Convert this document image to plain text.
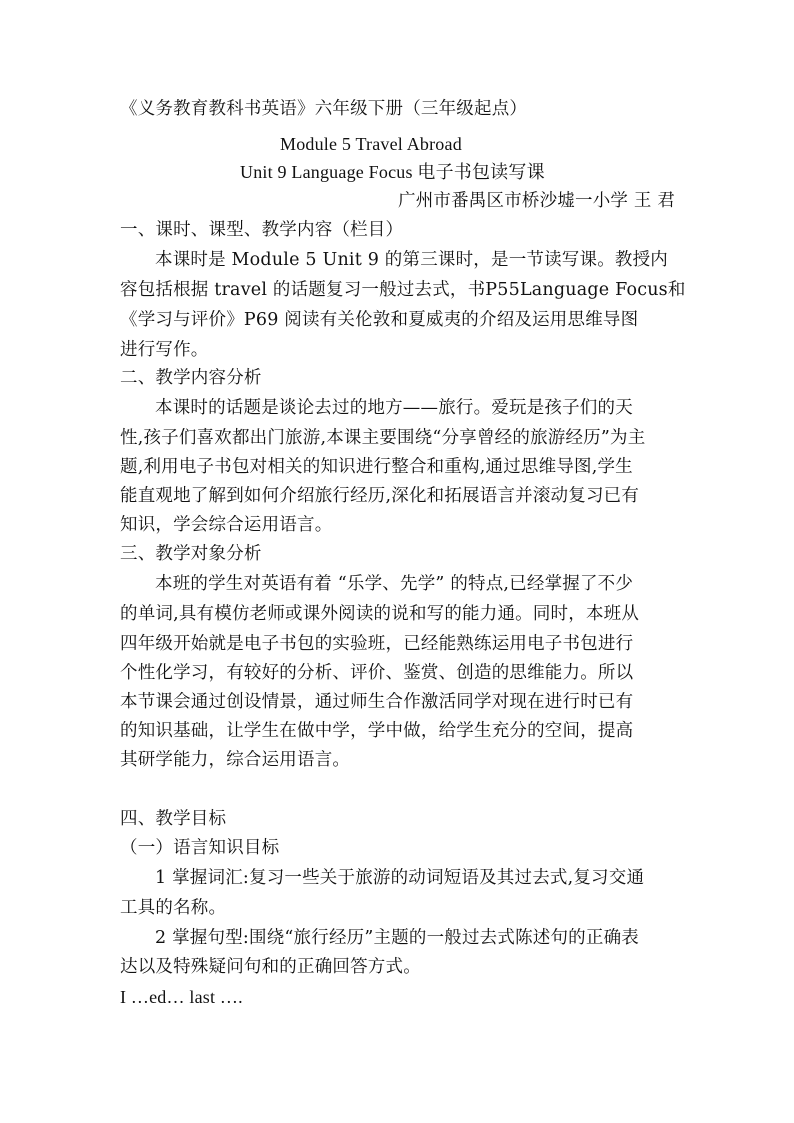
《义务教育教科书英语》六年级下册（三年级起点）
Module 5 Travel Abroad
Unit 9 Language Focus 电子书包读写课
广州市番禺区市桥沙墟一小学 王 君
一、课时、课型、教学内容（栏目）
本课时是 Module 5 Unit 9 的第三课时，是一节读写课。教授内
容包括根据 travel 的话题复习一般过去式，书P55Language Focus和
《学习与评价》P69 阅读有关伦敦和夏威夷的介绍及运用思维导图
进行写作。
二、教学内容分析
本课时的话题是谈论去过的地方——旅行。爱玩是孩子们的天
性,孩子们喜欢都出门旅游,本课主要围绕“分享曾经的旅游经历”为主
题,利用电子书包对相关的知识进行整合和重构,通过思维导图,学生
能直观地了解到如何介绍旅行经历,深化和拓展语言并滚动复习已有
知识，学会综合运用语言。
三、教学对象分析
本班的学生对英语有着 “乐学、先学” 的特点,已经掌握了不少
的单词,具有模仿老师或课外阅读的说和写的能力通。同时，本班从
四年级开始就是电子书包的实验班，已经能熟练运用电子书包进行
个性化学习，有较好的分析、评价、鉴赏、创造的思维能力。所以
本节课会通过创设情景，通过师生合作激活同学对现在进行时已有
的知识基础，让学生在做中学，学中做，给学生充分的空间，提高
其研学能力，综合运用语言。
四、教学目标
（一）语言知识目标
1 掌握词汇:复习一些关于旅游的动词短语及其过去式,复习交通
工具的名称。
2 掌握句型:围绕“旅行经历”主题的一般过去式陈述句的正确表
达以及特殊疑问句和的正确回答方式。
I …ed… last ….
